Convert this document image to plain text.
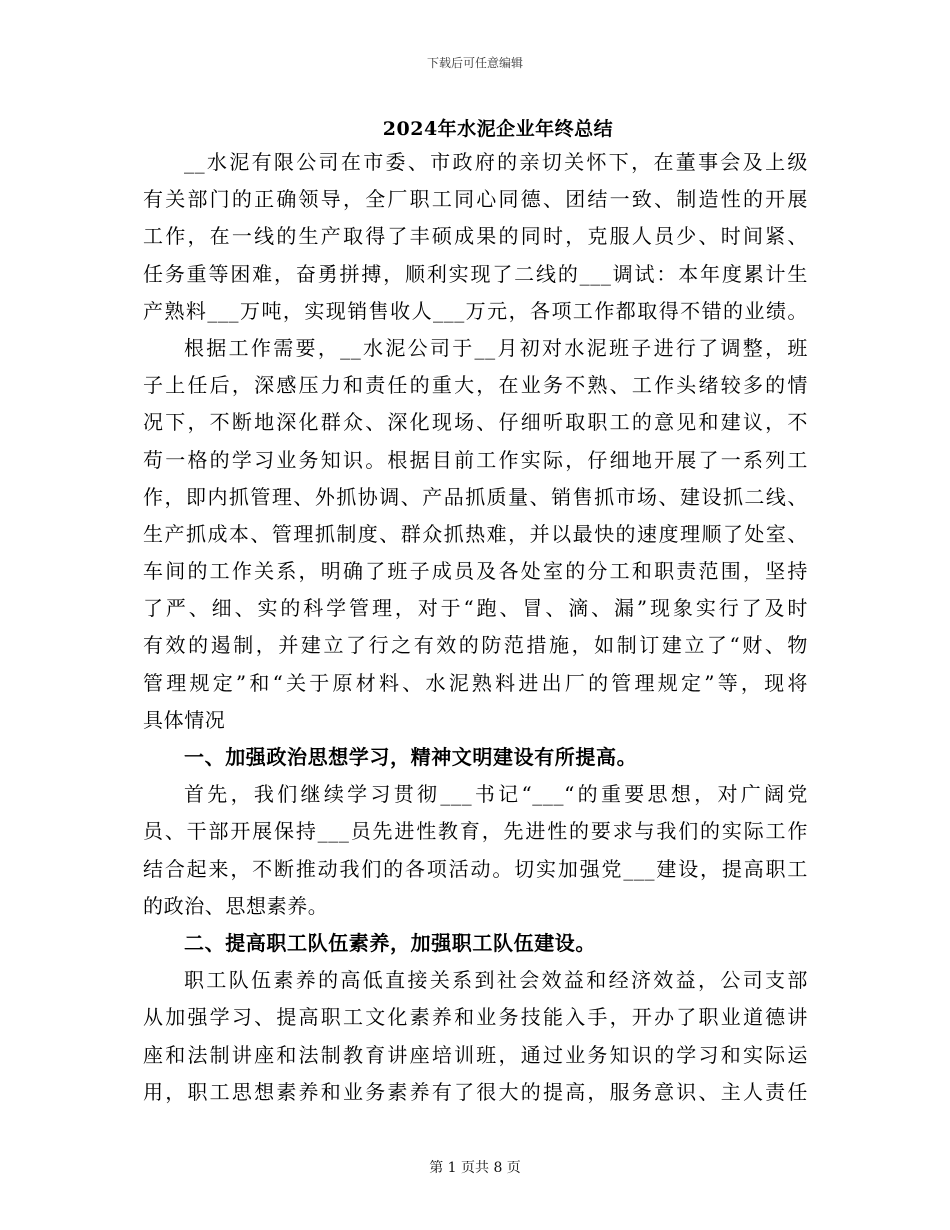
下载后可任意编辑
2024年水泥企业年终总结
__水泥有限公司在市委、市政府的亲切关怀下，在董事会及上级
有关部门的正确领导，全厂职工同心同德、团结一致、制造性的开展
工作，在一线的生产取得了丰硕成果的同时，克服人员少、时间紧、
任务重等困难，奋勇拼搏，顺利实现了二线的___调试：本年度累计生
产熟料___万吨，实现销售收人___万元，各项工作都取得不错的业绩。
根据工作需要，__水泥公司于__月初对水泥班子进行了调整，班
子上任后，深感压力和责任的重大，在业务不熟、工作头绪较多的情
况下，不断地深化群众、深化现场、仔细听取职工的意见和建议，不
苟一格的学习业务知识。根据目前工作实际，仔细地开展了一系列工
作，即内抓管理、外抓协调、产品抓质量、销售抓市场、建设抓二线、
生产抓成本、管理抓制度、群众抓热难，并以最快的速度理顺了处室、
车间的工作关系，明确了班子成员及各处室的分工和职责范围，坚持
了严、细、实的科学管理，对于“跑、冒、滴、漏”现象实行了及时
有效的遏制，并建立了行之有效的防范措施，如制订建立了“财、物
管理规定”和“关于原材料、水泥熟料进出厂的管理规定”等，现将
具体情况
一、加强政治思想学习，精神文明建设有所提高。
首先，我们继续学习贯彻___书记“___“的重要思想，对广阔党
员、干部开展保持___员先进性教育，先进性的要求与我们的实际工作
结合起来，不断推动我们的各项活动。切实加强党___建设，提高职工
的政治、思想素养。
二、提高职工队伍素养，加强职工队伍建设。
职工队伍素养的高低直接关系到社会效益和经济效益，公司支部
从加强学习、提高职工文化素养和业务技能入手，开办了职业道德讲
座和法制讲座和法制教育讲座培训班，通过业务知识的学习和实际运
用，职工思想素养和业务素养有了很大的提高，服务意识、主人责任
第 1 页共 8 页
